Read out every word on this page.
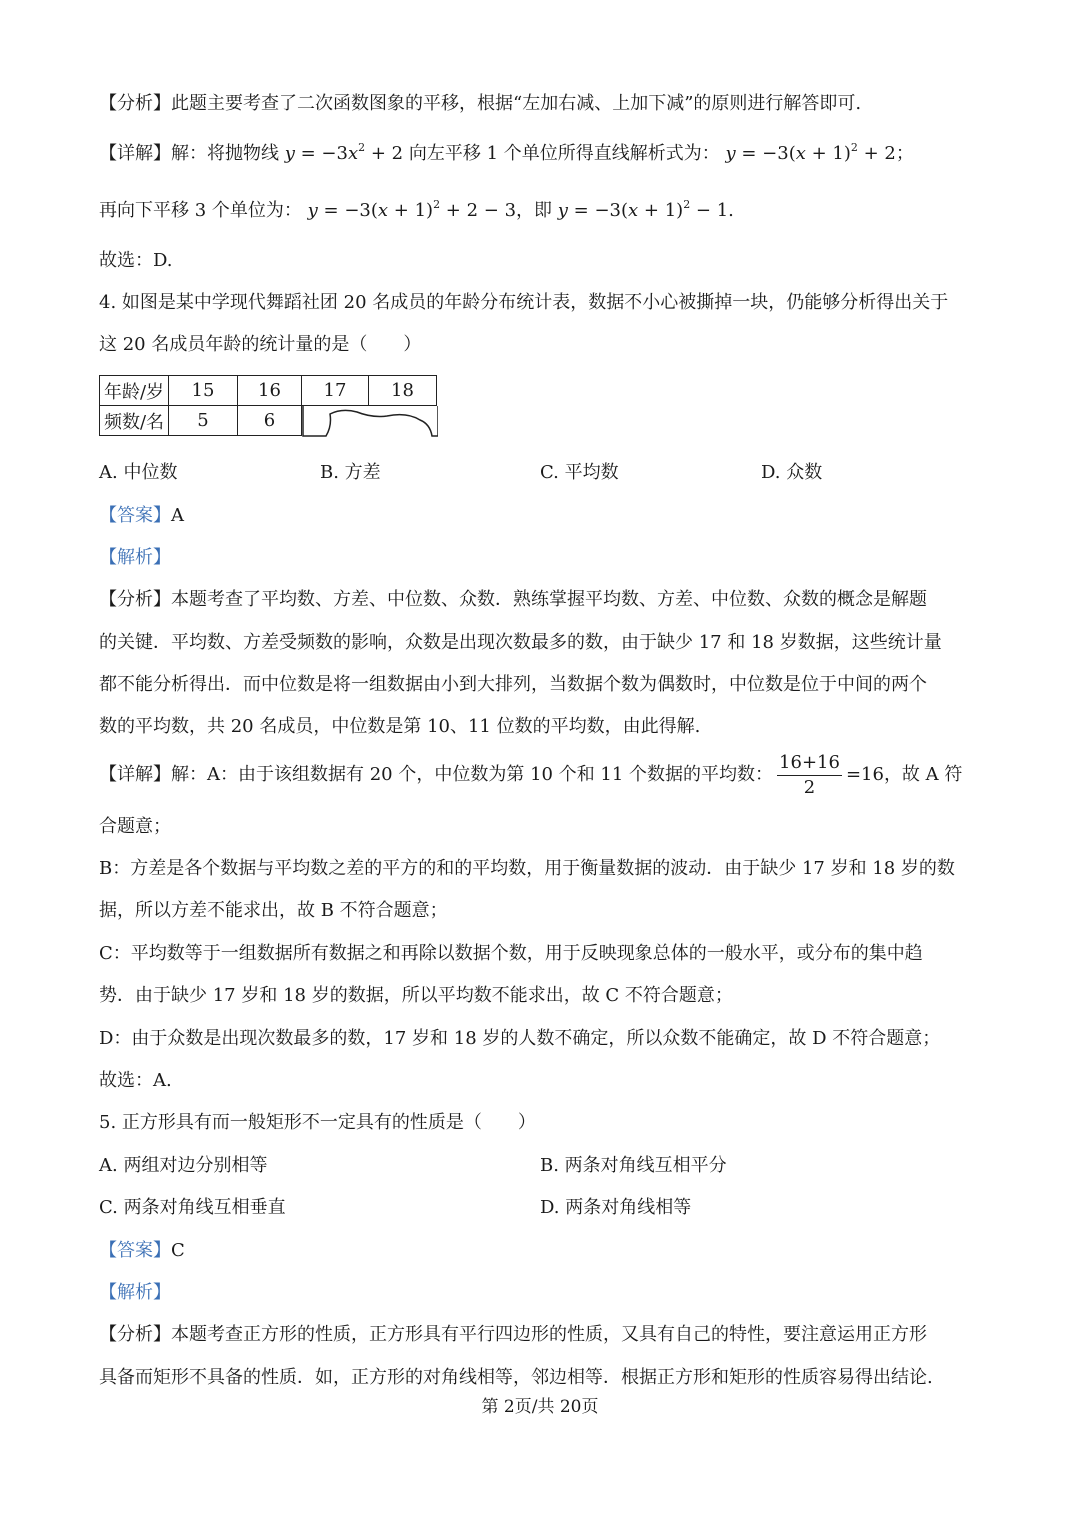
【分析】此题主要考查了二次函数图象的平移，根据“左加右减、上加下减”的原则进行解答即可.
【详解】解：将抛物线 $y = -3x^2 + 2$ 向左平移 1 个单位所得直线解析式为： $y = -3(x + 1)^2 + 2$；
再向下平移 3 个单位为： $y = -3(x + 1)^2 + 2 - 3$，即 $y = -3(x + 1)^2 - 1$.
故选：D.
4. 如图是某中学现代舞蹈社团 20 名成员的年龄分布统计表，数据不小心被撕掉一块，仍能够分析得出关于
这 20 名成员年龄的统计量的是（　　）
年龄/岁	15	16	17	18
频数/名	5	6	
A. 中位数	B. 方差	C. 平均数	D. 众数
【答案】A
【解析】
【分析】本题考查了平均数、方差、中位数、众数．熟练掌握平均数、方差、中位数、众数的概念是解题
的关键．平均数、方差受频数的影响，众数是出现次数最多的数，由于缺少 17 和 18 岁数据，这些统计量
都不能分析得出．而中位数是将一组数据由小到大排列，当数据个数为偶数时，中位数是位于中间的两个
数的平均数，共 20 名成员，中位数是第 10、11 位数的平均数，由此得解.
【详解】解：A：由于该组数据有 20 个，中位数为第 10 个和 11 个数据的平均数： $\frac{16+16}{2} =16$，故 A 符
合题意；
B：方差是各个数据与平均数之差的平方的和的平均数，用于衡量数据的波动．由于缺少 17 岁和 18 岁的数
据，所以方差不能求出，故 B 不符合题意；
C：平均数等于一组数据所有数据之和再除以数据个数，用于反映现象总体的一般水平，或分布的集中趋
势．由于缺少 17 岁和 18 岁的数据，所以平均数不能求出，故 C 不符合题意；
D：由于众数是出现次数最多的数，17 岁和 18 岁的人数不确定，所以众数不能确定，故 D 不符合题意；
故选：A.
5. 正方形具有而一般矩形不一定具有的性质是（　　）
A. 两组对边分别相等	B. 两条对角线互相平分
C. 两条对角线互相垂直	D. 两条对角线相等
【答案】C
【解析】
【分析】本题考查正方形的性质，正方形具有平行四边形的性质，又具有自己的特性，要注意运用正方形
具备而矩形不具备的性质．如，正方形的对角线相等，邻边相等．根据正方形和矩形的性质容易得出结论.
第 2页/共 20页
